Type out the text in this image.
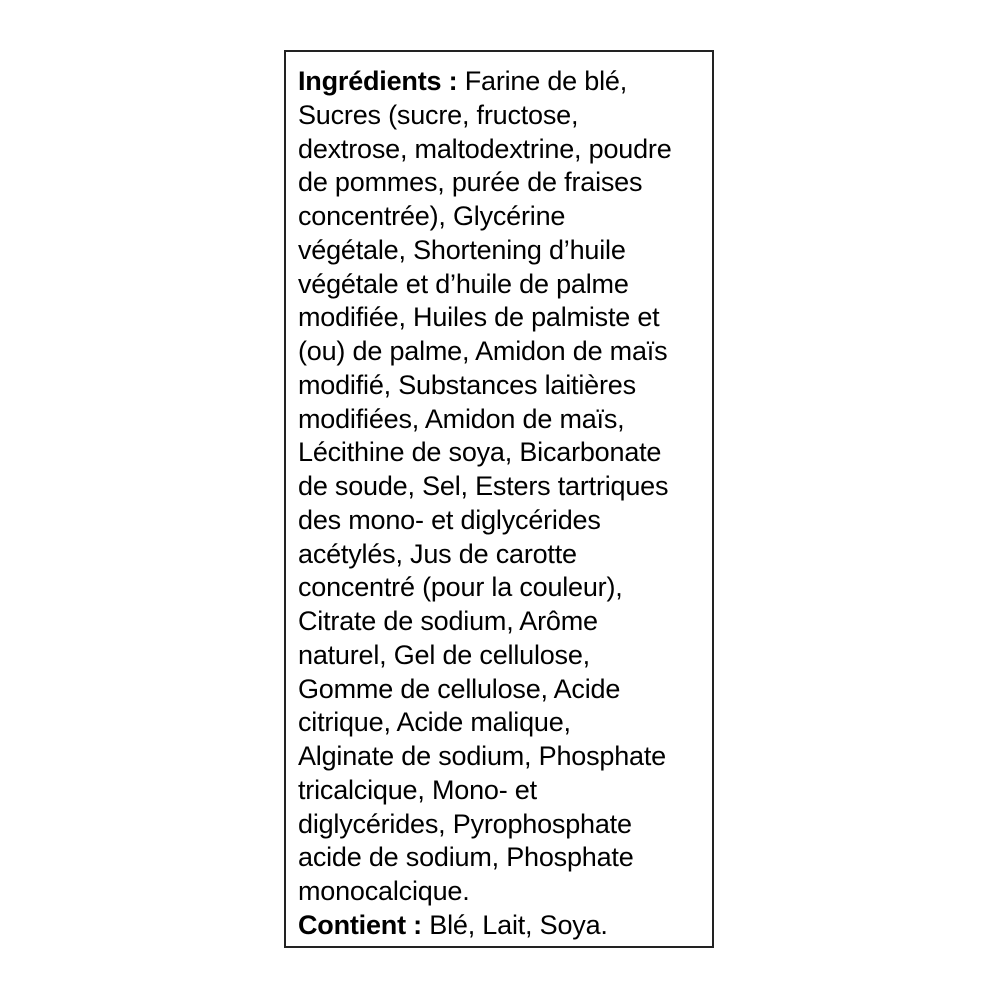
Ingrédients : Farine de blé,
Sucres (sucre, fructose,
dextrose, maltodextrine, poudre
de pommes, purée de fraises
concentrée), Glycérine
végétale, Shortening d’huile
végétale et d’huile de palme
modifiée, Huiles de palmiste et
(ou) de palme, Amidon de maïs
modifié, Substances laitières
modifiées, Amidon de maïs,
Lécithine de soya, Bicarbonate
de soude, Sel, Esters tartriques
des mono- et diglycérides
acétylés, Jus de carotte
concentré (pour la couleur),
Citrate de sodium, Arôme
naturel, Gel de cellulose,
Gomme de cellulose, Acide
citrique, Acide malique,
Alginate de sodium, Phosphate
tricalcique, Mono- et
diglycérides, Pyrophosphate
acide de sodium, Phosphate
monocalcique.
Contient : Blé, Lait, Soya.
